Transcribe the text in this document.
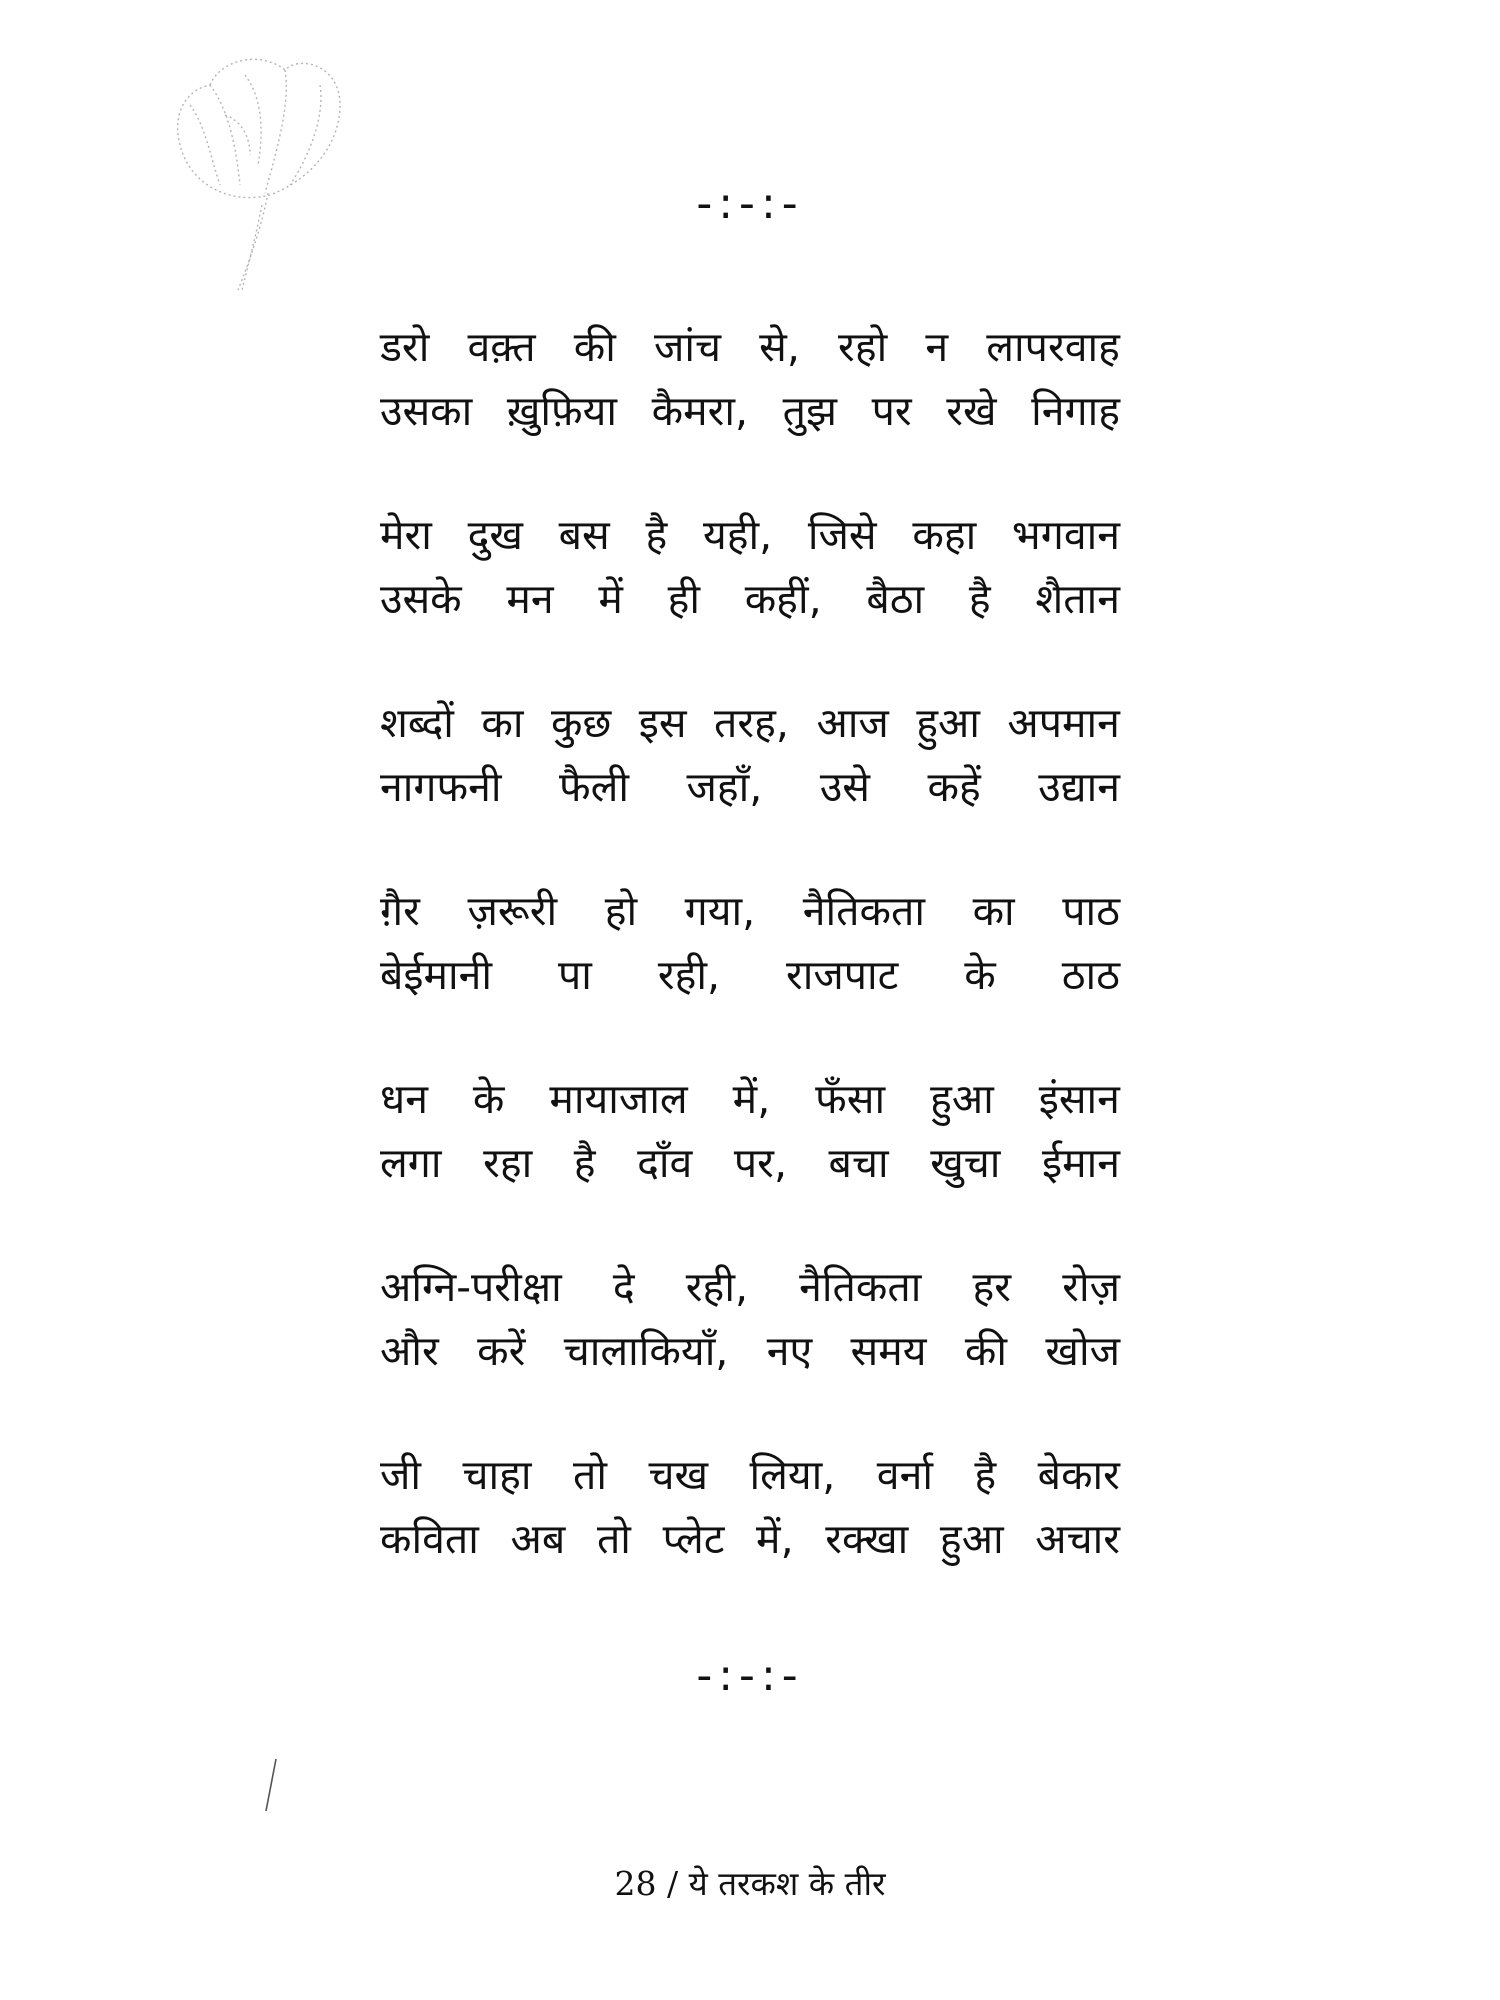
-:-:-
डरो वक़्त की जांच से, रहो न लापरवाह
उसका ख़ुफ़िया कैमरा, तुझ पर रखे निगाह
मेरा दुख बस है यही, जिसे कहा भगवान
उसके मन में ही कहीं, बैठा है शैतान
शब्दों का कुछ इस तरह, आज हुआ अपमान
नागफनी फैली जहाँ, उसे कहें उद्यान
ग़ैर ज़रूरी हो गया, नैतिकता का पाठ
बेईमानी पा रही, राजपाट के ठाठ
धन के मायाजाल में, फँसा हुआ इंसान
लगा रहा है दाँव पर, बचा खुचा ईमान
अग्नि-परीक्षा दे रही, नैतिकता हर रोज़
और करें चालाकियाँ, नए समय की खोज
जी चाहा तो चख लिया, वर्ना है बेकार
कविता अब तो प्लेट में, रक्खा हुआ अचार
-:-:-
28 / ये तरकश के तीर
